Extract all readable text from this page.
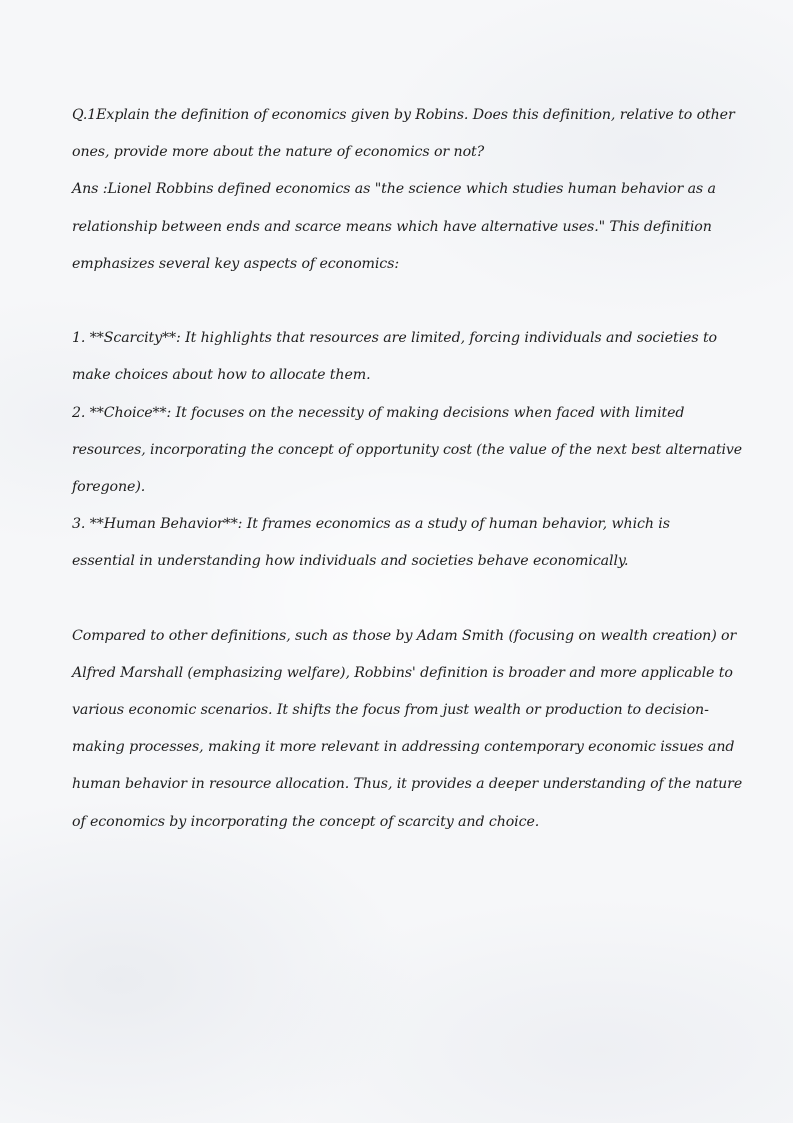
Q.1Explain the definition of economics given by Robins. Does this definition, relative to other
ones, provide more about the nature of economics or not?
Ans :Lionel Robbins defined economics as "the science which studies human behavior as a
relationship between ends and scarce means which have alternative uses." This definition
emphasizes several key aspects of economics:
1. **Scarcity**: It highlights that resources are limited, forcing individuals and societies to
make choices about how to allocate them.
2. **Choice**: It focuses on the necessity of making decisions when faced with limited
resources, incorporating the concept of opportunity cost (the value of the next best alternative
foregone).
3. **Human Behavior**: It frames economics as a study of human behavior, which is
essential in understanding how individuals and societies behave economically.
Compared to other definitions, such as those by Adam Smith (focusing on wealth creation) or
Alfred Marshall (emphasizing welfare), Robbins' definition is broader and more applicable to
various economic scenarios. It shifts the focus from just wealth or production to decision-
making processes, making it more relevant in addressing contemporary economic issues and
human behavior in resource allocation. Thus, it provides a deeper understanding of the nature
of economics by incorporating the concept of scarcity and choice.
